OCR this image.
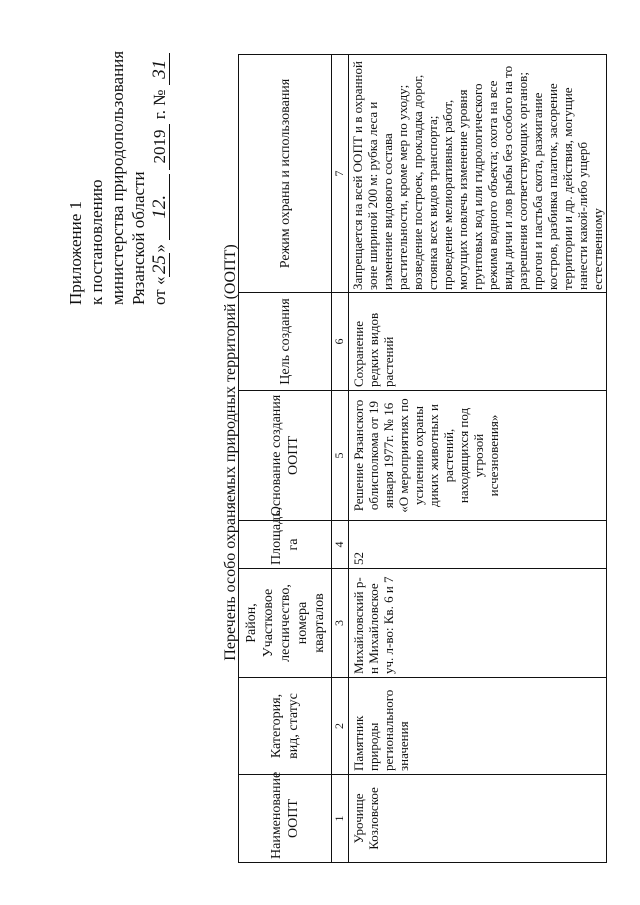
Приложение 1 к постановлению министерства природопользования Рязанской области от «25» 12. 2019 г. № 31
Перечень особо охраняемых природных территорий (ООПТ)
Наименование ООПТ	Категория, вид, статус	Район, Участковое лесничество, номера кварталов	Площадь, га	Основание создания ООПТ	Цель создания	Режим охраны и использования
1	2	3	4	5	6	7
Урочище Козловское	Памятник природы регионального значения	Михайловский р-н Михайловское уч. л-во: Кв. 6 и 7	52	Решение Рязанского облисполкома от 19 января 1977г. № 16 «О мероприятиях по усилению охраны диких животных и растений, находящихся под угрозой исчезновения»	Сохранение редких видов растений	Запрещается на всей ООПТ и в охранной зоне шириной 200 м: рубка леса и изменение видового состава растительности, кроме мер по уходу; возведение построек, прокладка дорог, стоянка всех видов транспорта; проведение мелиоративных работ, могущих повлечь изменение уровня грунтовых вод или гидрологического режима водного объекта; охота на все виды дичи и лов рыбы без особого на то разрешения соответствующих органов; прогон и пастьба скота, разжигание костров, разбивка палаток, засорение территории и др. действия, могущие нанести какой-либо ущерб естественному
